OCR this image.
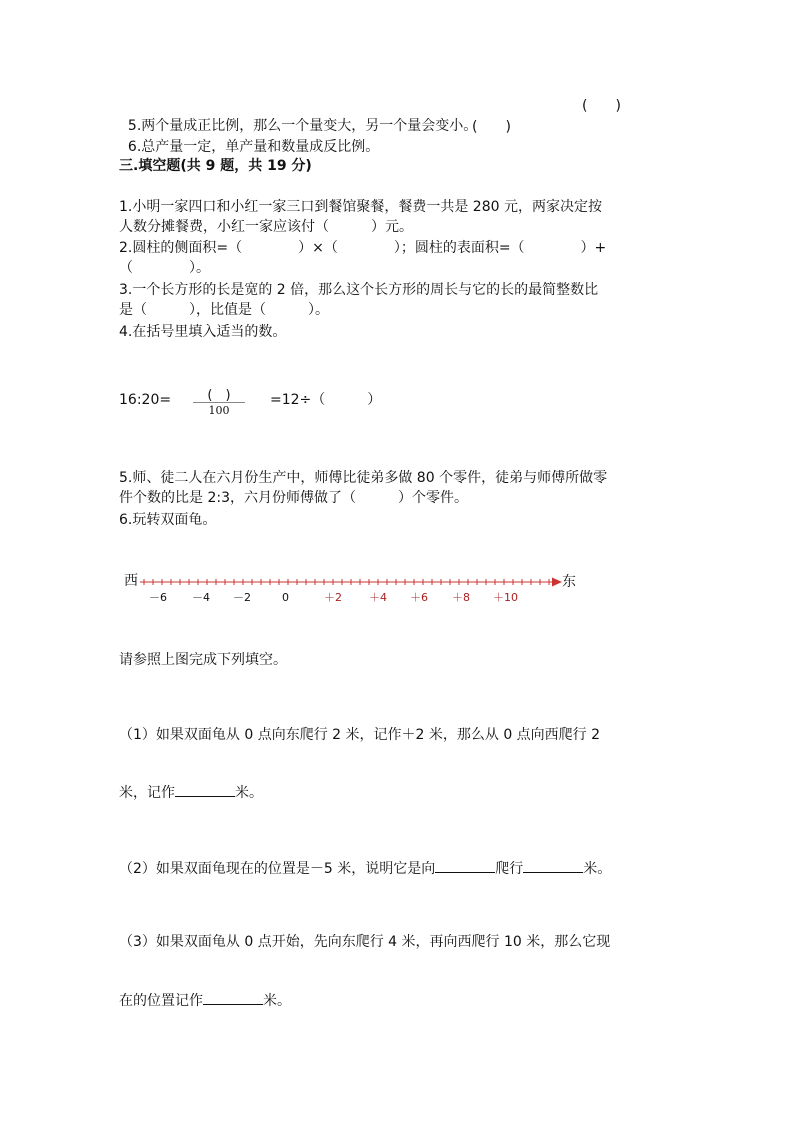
5.两个量成正比例，那么一个量变大，另一个量会变小。

(　　)

6.总产量一定，单产量和数量成反比例。

(　　)
三.填空题(共 9 题，共 19 分)
1.小明一家四口和小红一家三口到餐馆聚餐，餐费一共是 280 元，两家决定按
人数分摊餐费，小红一家应该付（　　　）元。
2.圆柱的侧面积=（　　　　）×（　　　　）；圆柱的表面积=（　　　　）+
（　　　　）。
3.一个长方形的长是宽的 2 倍，那么这个长方形的周长与它的长的最简整数比
是（　　　），比值是（　　　）。
4.在括号里填入适当的数。
16:20=	(　)
100
=12÷（　　　）
5.师、徒二人在六月份生产中，师傅比徒弟多做 80 个零件，徒弟与师傅所做零
件个数的比是 2:3，六月份师傅做了（　　　）个零件。
6.玩转双面龟。
西	东
－6 －4 －2	0	＋2 ＋4 ＋6 ＋8 ＋10
请参照上图完成下列填空。
（1）如果双面龟从 0 点向东爬行 2 米，记作＋2 米，那么从 0 点向西爬行 2
米，记作	米。
（2）如果双面龟现在的位置是－5 米，说明它是向	爬行	米。
（3）如果双面龟从 0 点开始，先向东爬行 4 米，再向西爬行 10 米，那么它现
在的位置记作	米。
